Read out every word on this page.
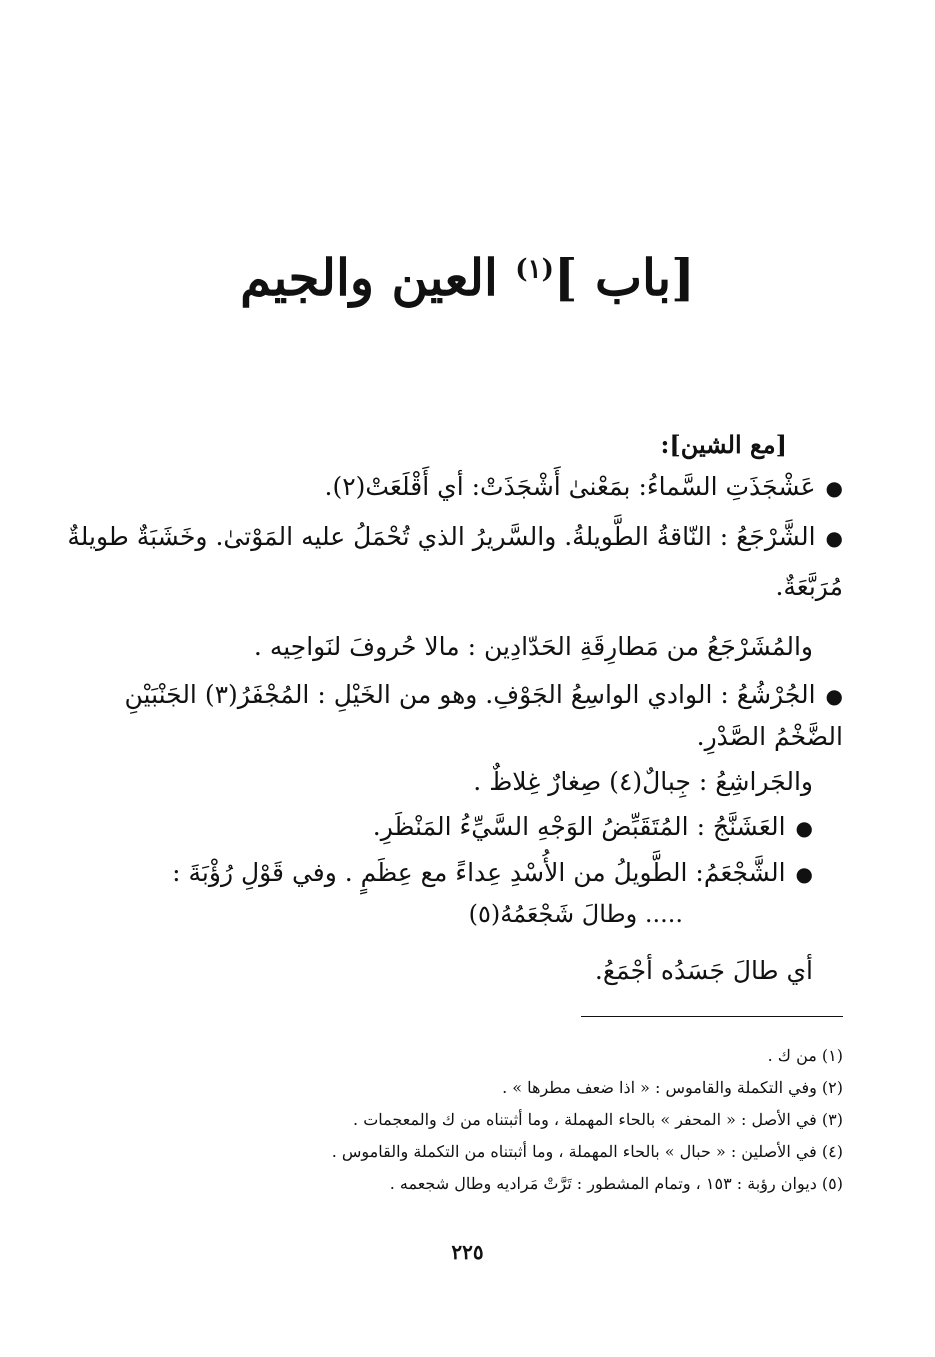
[باب ]$^{(١)}$ العين والجيم
[مع الشين]:
●عَشْجَذَتِ السَّماءُ: بمَعْنىٰ أَشْجَذَتْ: أي أَقْلَعَتْ(٢).
●الشَّرْجَعُ : النّاقةُ الطَّويلةُ. والسَّريرُ الذي تُحْمَلُ عليه المَوْتىٰ. وخَشَبَةٌ طويلةٌ
مُرَبَّعَةٌ.
والمُشَرْجَعُ من مَطارِقَةِ الحَدّادِين : مالا حُروفَ لنَواحِيه .
●الجُرْشُعُ : الوادي الواسِعُ الجَوْفِ. وهو من الخَيْلِ : المُجْفَرُ(٣) الجَنْبَيْنِ
الضَّخْمُ الصَّدْرِ.
والجَراشِعُ : جِبالٌ(٤) صِغارٌ غِلاظٌ .
●العَشَنَّجُ : المُتَقَبِّضُ الوَجْهِ السَّيِّءُ المَنْظَرِ.
●الشَّجْعَمُ: الطَّويلُ من الأُسْدِ عِداءً مع عِظَمٍ . وفي قَوْلِ رُؤْبَةَ :
..... وطالَ شَجْعَمُهُ(٥)
أي طالَ جَسَدُه أجْمَعُ.
(١) من ك .
(٢) وفي التكملة والقاموس : « اذا ضعف مطرها » .
(٣) في الأصل : « المحفر » بالحاء المهملة ، وما أثبتناه من ك والمعجمات .
(٤) في الأصلين : « حبال » بالحاء المهملة ، وما أثبتناه من التكملة والقاموس .
(٥) ديوان رؤبة : ١٥٣ ، وتمام المشطور : تَرَّتْ مَراديه وطال شجعمه .
٢٢٥
